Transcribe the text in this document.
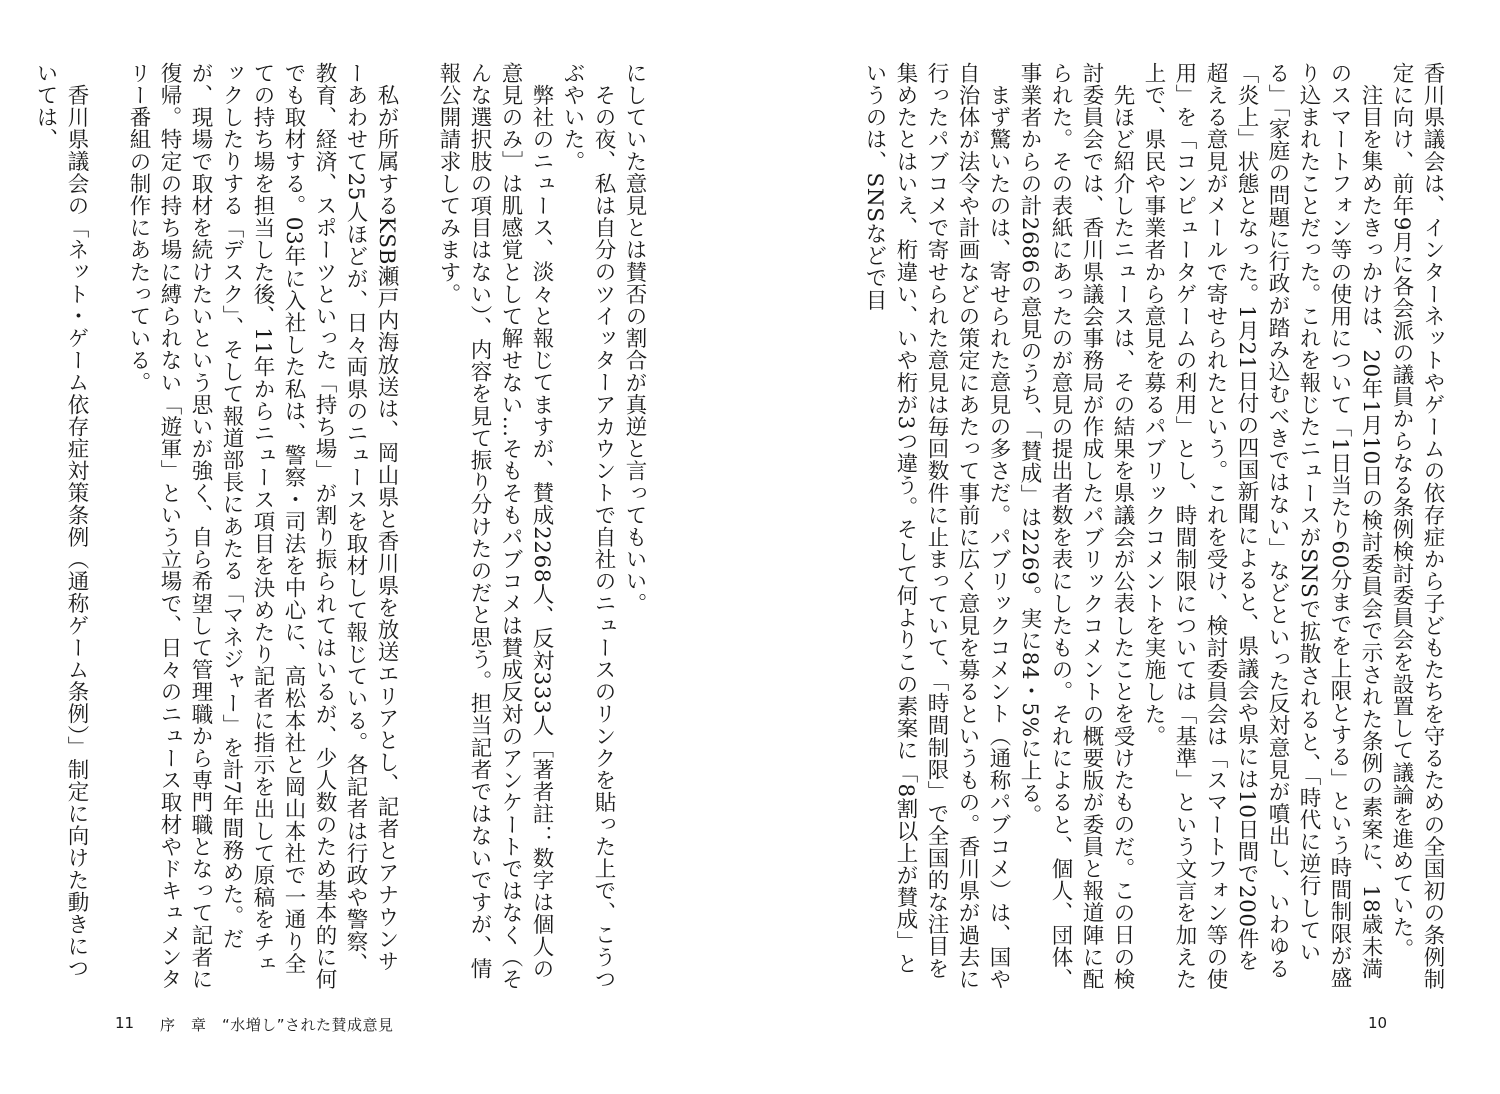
香川県議会は、インターネットやゲームの依存症から子どもたちを守るための全国初の条例制定に向け、前年9月に各会派の議員からなる条例検討委員会を設置して議論を進めていた。

注目を集めたきっかけは、20年1月10日の検討委員会で示された条例の素案に、18歳未満のスマートフォン等の使用について「1日当たり60分までを上限とする」という時間制限が盛り込まれたことだった。これを報じたニュースがSNSで拡散されると、「時代に逆行している」「家庭の問題に行政が踏み込むべきではない」などといった反対意見が噴出し、いわゆる「炎上」状態となった。1月21日付の四国新聞によると、県議会や県には10日間で200件を超える意見がメールで寄せられたという。これを受け、検討委員会は「スマートフォン等の使用」を「コンピュータゲームの利用」とし、時間制限については「基準」という文言を加えた上で、県民や事業者から意見を募るパブリックコメントを実施した。

先ほど紹介したニュースは、その結果を県議会が公表したことを受けたものだ。この日の検討委員会では、香川県議会事務局が作成したパブリックコメントの概要版が委員と報道陣に配られた。その表紙にあったのが意見の提出者数を表にしたもの。それによると、個人、団体、事業者からの計2686の意見のうち、「賛成」は2269。実に84・5%に上る。

まず驚いたのは、寄せられた意見の多さだ。パブリックコメント（通称パブコメ）は、国や自治体が法令や計画などの策定にあたって事前に広く意見を募るというもの。香川県が過去に行ったパブコメで寄せられた意見は毎回数件に止まっていて、「時間制限」で全国的な注目を集めたとはいえ、桁違い、いや桁が3つ違う。そして何よりこの素案に「8割以上が賛成」というのは、SNSなどで目

10

にしていた意見とは賛否の割合が真逆と言ってもいい。

その夜、私は自分のツイッターアカウントで自社のニュースのリンクを貼った上で、こうつぶやいた。

弊社のニュース、淡々と報じてますが、賛成2268人、反対333人［著者註：数字は個人の意見のみ］は肌感覚として解せない…そもそもパブコメは賛成反対のアンケートではなく（そんな選択肢の項目はない）、内容を見て振り分けたのだと思う。担当記者ではないですが、情報公開請求してみます。

私が所属するKSB瀬戸内海放送は、岡山県と香川県を放送エリアとし、記者とアナウンサーあわせて25人ほどが、日々両県のニュースを取材して報じている。各記者は行政や警察、教育、経済、スポーツといった「持ち場」が割り振られてはいるが、少人数のため基本的に何でも取材する。03年に入社した私は、警察・司法を中心に、高松本社と岡山本社で一通り全ての持ち場を担当した後、11年からニュース項目を決めたり記者に指示を出して原稿をチェックしたりする「デスク」、そして報道部長にあたる「マネジャー」を計7年間務めた。だが、現場で取材を続けたいという思いが強く、自ら希望して管理職から専門職となって記者に復帰。特定の持ち場に縛られない「遊軍」という立場で、日々のニュース取材やドキュメンタリー番組の制作にあたっている。

香川県議会の「ネット・ゲーム依存症対策条例（通称ゲーム条例）」制定に向けた動きについては、

11 序　章　“水増し”された賛成意見
